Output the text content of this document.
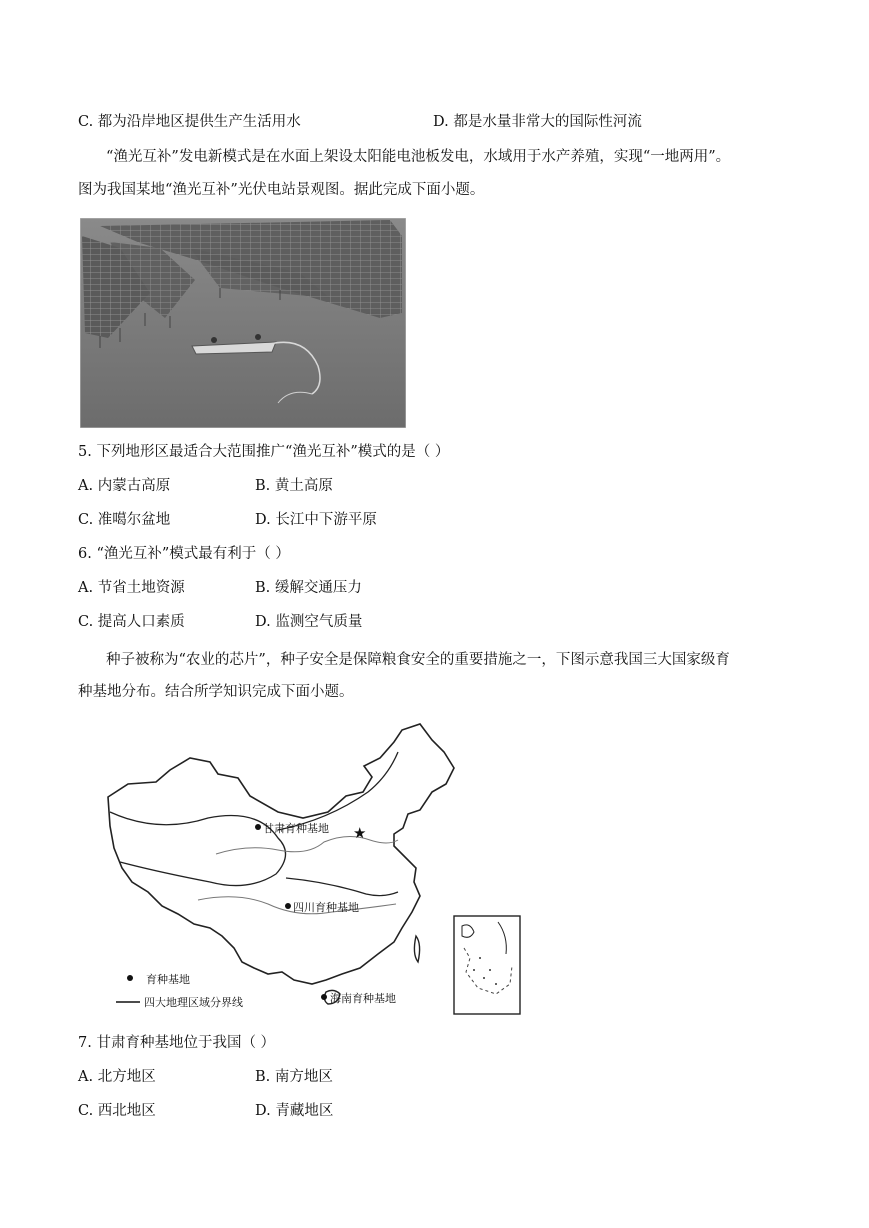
C. 都为沿岸地区提供生产生活用水	D. 都是水量非常大的国际性河流
“渔光互补”发电新模式是在水面上架设太阳能电池板发电，水域用于水产养殖，实现“一地两用”。
图为我国某地“渔光互补”光伏电站景观图。据此完成下面小题。
5. 下列地形区最适合大范围推广“渔光互补”模式的是（ ）
A. 内蒙古高原	B. 黄土高原
C. 准噶尔盆地	D. 长江中下游平原
6. “渔光互补”模式最有利于（ ）
A. 节省土地资源	B. 缓解交通压力
C. 提高人口素质	D. 监测空气质量
种子被称为“农业的芯片”，种子安全是保障粮食安全的重要措施之一，下图示意我国三大国家级育
种基地分布。结合所学知识完成下面小题。
★
甘肃育种基地
四川育种基地
海南育种基地
育种基地
四大地理区域分界线
7. 甘肃育种基地位于我国（ ）
A. 北方地区	B. 南方地区
C. 西北地区	D. 青藏地区
